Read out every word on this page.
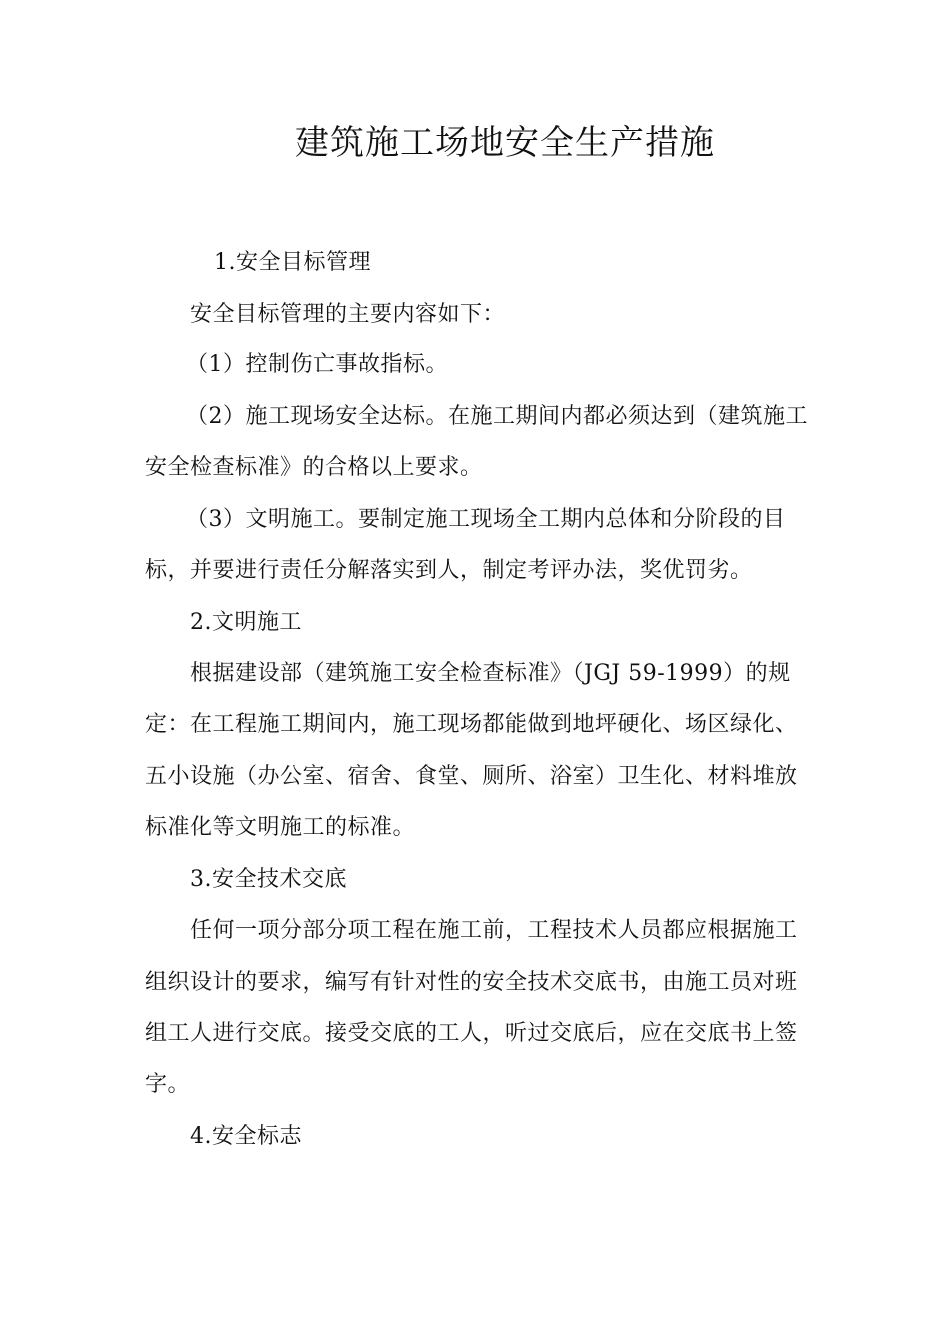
建筑施工场地安全生产措施
1.安全目标管理
安全目标管理的主要内容如下：
（1）控制伤亡事故指标。
（2）施工现场安全达标。在施工期间内都必须达到（建筑施工
安全检查标准》的合格以上要求。
（3）文明施工。要制定施工现场全工期内总体和分阶段的目
标，并要进行责任分解落实到人，制定考评办法，奖优罚劣。
2.文明施工
根据建设部（建筑施工安全检查标准》（JGJ 59-1999）的规
定：在工程施工期间内，施工现场都能做到地坪硬化、场区绿化、
五小设施（办公室、宿舍、食堂、厕所、浴室）卫生化、材料堆放
标准化等文明施工的标准。
3.安全技术交底
任何一项分部分项工程在施工前，工程技术人员都应根据施工
组织设计的要求，编写有针对性的安全技术交底书，由施工员对班
组工人进行交底。接受交底的工人，听过交底后，应在交底书上签
字。
4.安全标志
